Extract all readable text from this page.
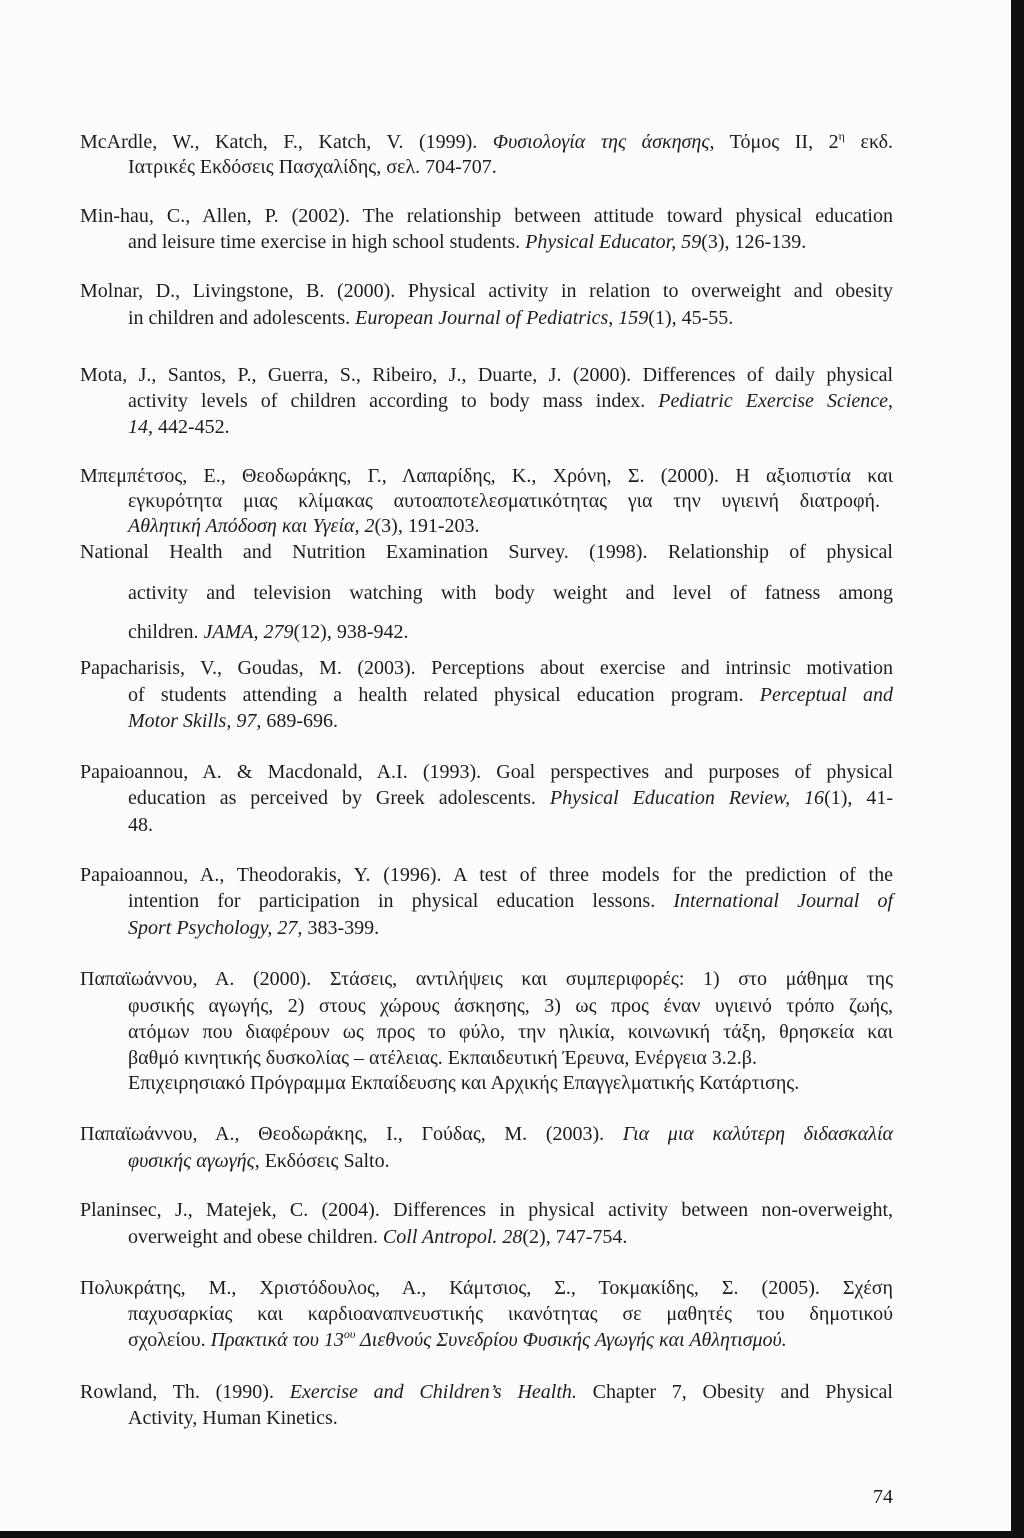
McArdle, W., Katch, F., Katch, V. (1999). Φυσιολογία της άσκησης, Τόμος ΙΙ, $2^\eta$ εκδ.
Ιατρικές Εκδόσεις Πασχαλίδης, σελ. 704-707.
Min-hau, C., Allen, P. (2002). The relationship between attitude toward physical education
and leisure time exercise in high school students. Physical Educator, 59(3), 126-139.
Molnar, D., Livingstone, B. (2000). Physical activity in relation to overweight and obesity
in children and adolescents. European Journal of Pediatrics, 159(1), 45-55.
Mota, J., Santos, P., Guerra, S., Ribeiro, J., Duarte, J. (2000). Differences of daily physical
activity levels of children according to body mass index. Pediatric Exercise Science,
14, 442-452.
Μπεμπέτσος, Ε., Θεοδωράκης, Γ., Λαπαρίδης, Κ., Χρόνη, Σ. (2000). Η αξιοπιστία και
εγκυρότητα μιας κλίμακας αυτοαποτελεσματικότητας για την υγιεινή διατροφή.
Αθλητική Απόδοση και Υγεία, 2(3), 191-203.
National Health and Nutrition Examination Survey. (1998). Relationship of physical
activity and television watching with body weight and level of fatness among
children. JAMA, 279(12), 938-942.
Papacharisis, V., Goudas, M. (2003). Perceptions about exercise and intrinsic motivation
of students attending a health related physical education program. Perceptual and
Motor Skills, 97, 689-696.
Papaioannou, A. & Macdonald, A.I. (1993). Goal perspectives and purposes of physical
education as perceived by Greek adolescents. Physical Education Review, 16(1), 41-
48.
Papaioannou, A., Theodorakis, Y. (1996). A test of three models for the prediction of the
intention for participation in physical education lessons. International Journal of
Sport Psychology, 27, 383-399.
Παπαϊωάννου, Α. (2000). Στάσεις, αντιλήψεις και συμπεριφορές: 1) στο μάθημα της
φυσικής αγωγής, 2) στους χώρους άσκησης, 3) ως προς έναν υγιεινό τρόπο ζωής,
ατόμων που διαφέρουν ως προς το φύλο, την ηλικία, κοινωνική τάξη, θρησκεία και
βαθμό κινητικής δυσκολίας – ατέλειας. Εκπαιδευτική Έρευνα, Ενέργεια 3.2.β.
Επιχειρησιακό Πρόγραμμα Εκπαίδευσης και Αρχικής Επαγγελματικής Κατάρτισης.
Παπαϊωάννου, Α., Θεοδωράκης, Ι., Γούδας, Μ. (2003). Για μια καλύτερη διδασκαλία
φυσικής αγωγής, Εκδόσεις Salto.
Planinsec, J., Matejek, C. (2004). Differences in physical activity between non-overweight,
overweight and obese children. Coll Antropol. 28(2), 747-754.
Πολυκράτης, Μ., Χριστόδουλος, Α., Κάμτσιος, Σ., Τοκμακίδης, Σ. (2005). Σχέση
παχυσαρκίας και καρδιοαναπνευστικής ικανότητας σε μαθητές του δημοτικού
σχολείου. Πρακτικά του $13^{o\upsilon}$ Διεθνούς Συνεδρίου Φυσικής Αγωγής και Αθλητισμού.
Rowland, Th. (1990). Exercise and Children’s Health. Chapter 7, Obesity and Physical
Activity, Human Kinetics.
74
